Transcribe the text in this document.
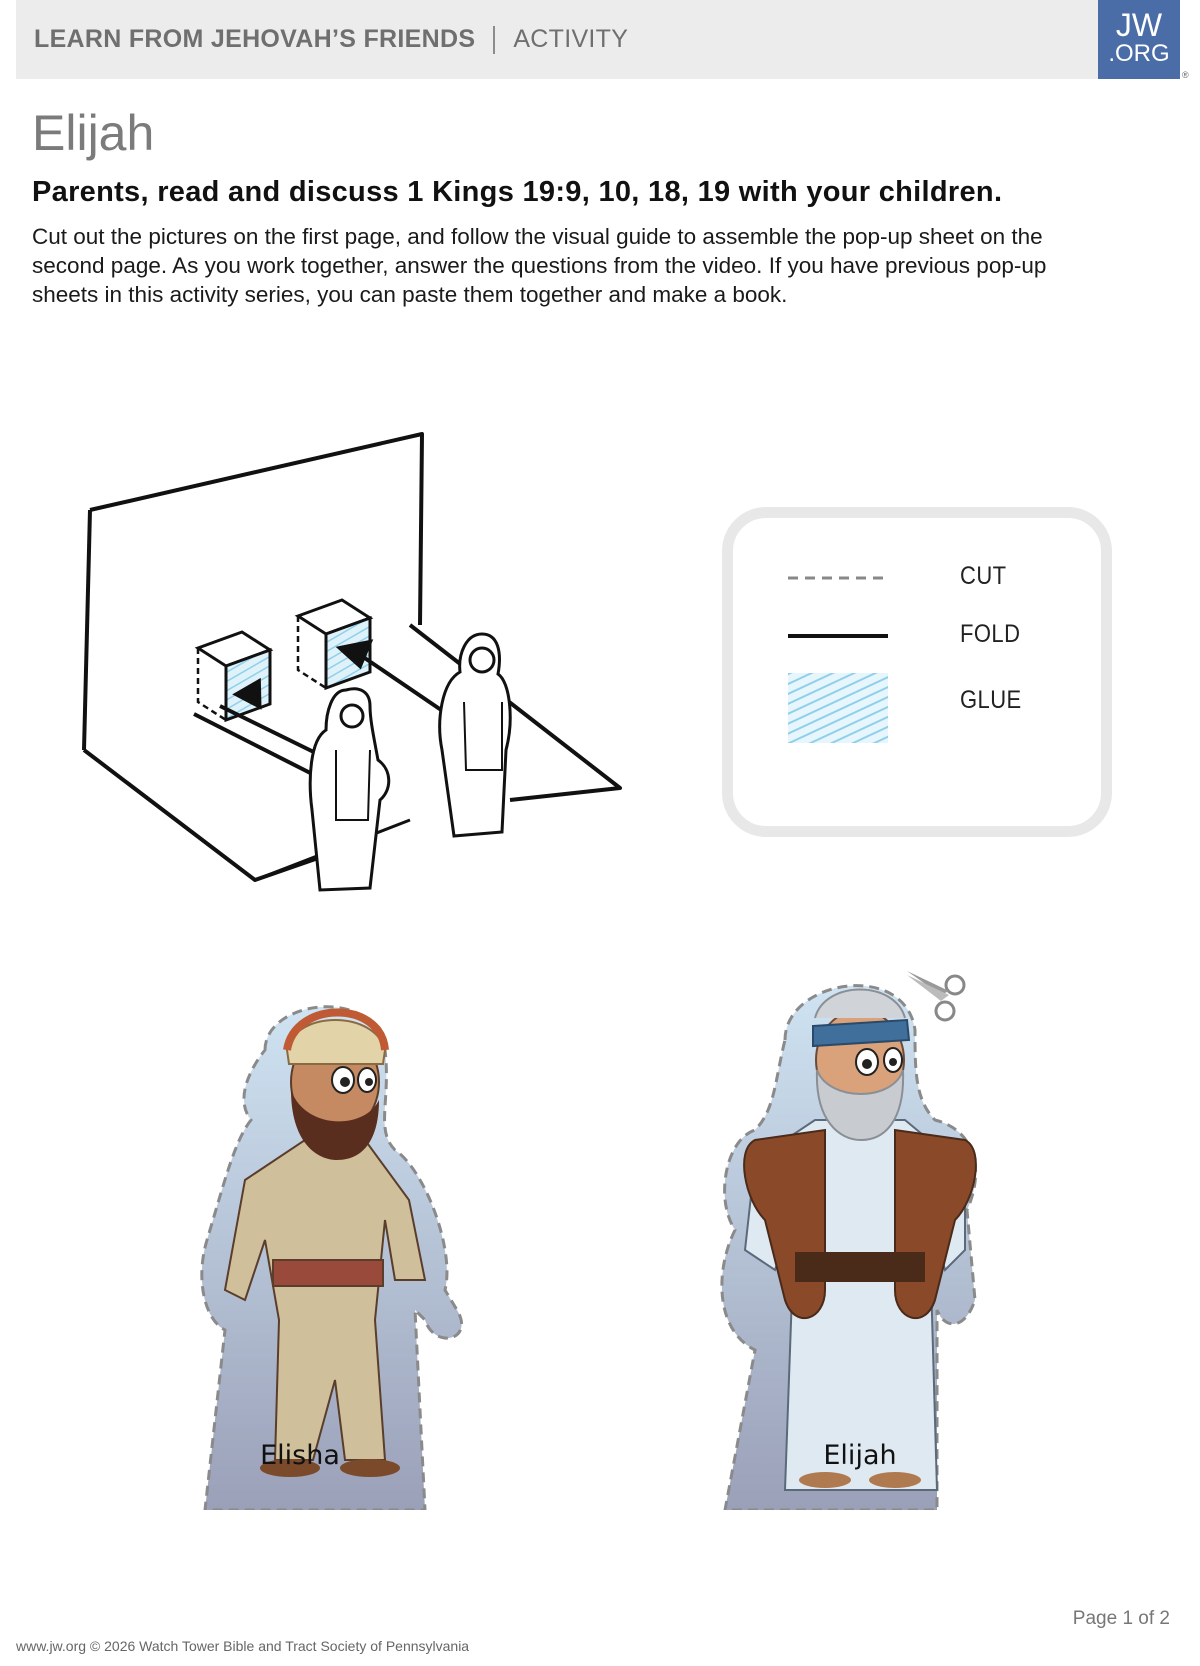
LEARN FROM JEHOVAH’S FRIENDS ACTIVITY	JW
.ORG
®
Elijah
Parents, read and discuss 1 Kings 19:9, 10, 18, 19 with your children.

Cut out the pictures on the first page, and follow the visual guide to assemble the pop-up sheet on the second page. As you work together, answer the questions from the video. If you have previous pop-up sheets in this activity series, you can paste them together and make a book.

CUT
FOLD
GLUE
Elisha	Elijah
Page 1 of 2
www.jw.org © 2026 Watch Tower Bible and Tract Society of Pennsylvania
